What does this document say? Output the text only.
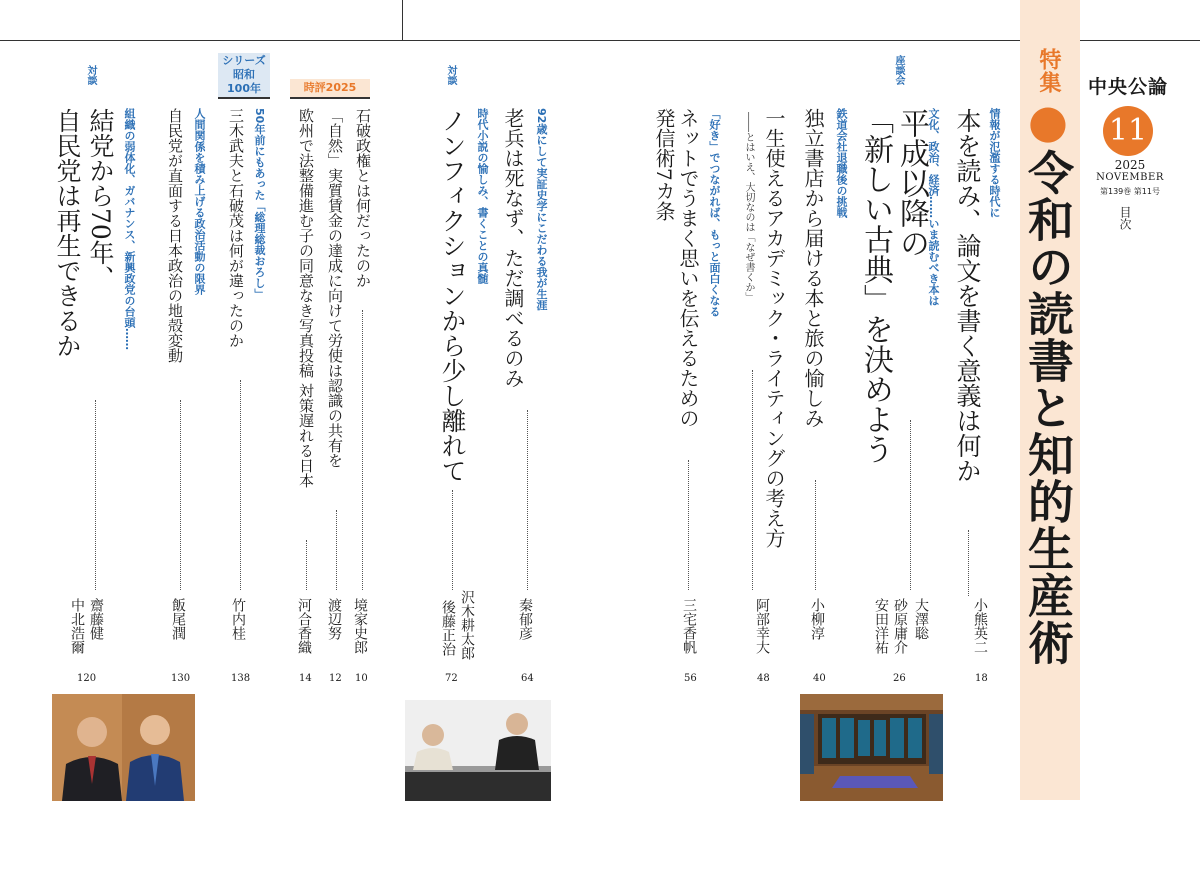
特集●令和の読書と知的生産術
中央公論
11
2025
NOVEMBER
第139巻 第11号
目次
情報が氾濫する時代に
本を読み、論文を書く意義は何か
小熊英二
18
座談会
文化、政治、経済……いま読むべき本は
平成以降の
「新しい古典」を決めよう
大澤聡
砂原庸介
安田洋祐
26
鉄道会社退職後の挑戦
独立書店から届ける本と旅の愉しみ
小柳淳
40
一生使えるアカデミック・ライティングの考え方
――とはいえ、大切なのは「なぜ書くか」
阿部幸大
48
「好き」でつながれば、もっと面白くなる
ネットでうまく思いを伝えるための
発信術7カ条
三宅香帆
56
92歳にして実証史学にこだわる我が生涯
老兵は死なず、ただ調べるのみ
秦郁彦
64
対談
時代小説の愉しみ、書くことの真髄
ノンフィクションから少し離れて
沢木耕太郎
後藤正治
72
時評2025
石破政権とは何だったのか
境家史郎
10
「自然」実質賃金の達成に向けて労使は認識の共有を
渡辺努
12
欧州で法整備進む子の同意なき写真投稿 対策遅れる日本
河合香織
14
シリーズ
昭和
100年
50年前にもあった「総理総裁おろし」
三木武夫と石破茂は何が違ったのか
竹内桂
138
人間関係を積み上げる政治活動の限界
自民党が直面する日本政治の地殻変動
飯尾潤
130
対談
組織の弱体化、ガバナンス、新興政党の台頭……
結党から70年、
自民党は再生できるか
齋藤健
中北浩爾
120
